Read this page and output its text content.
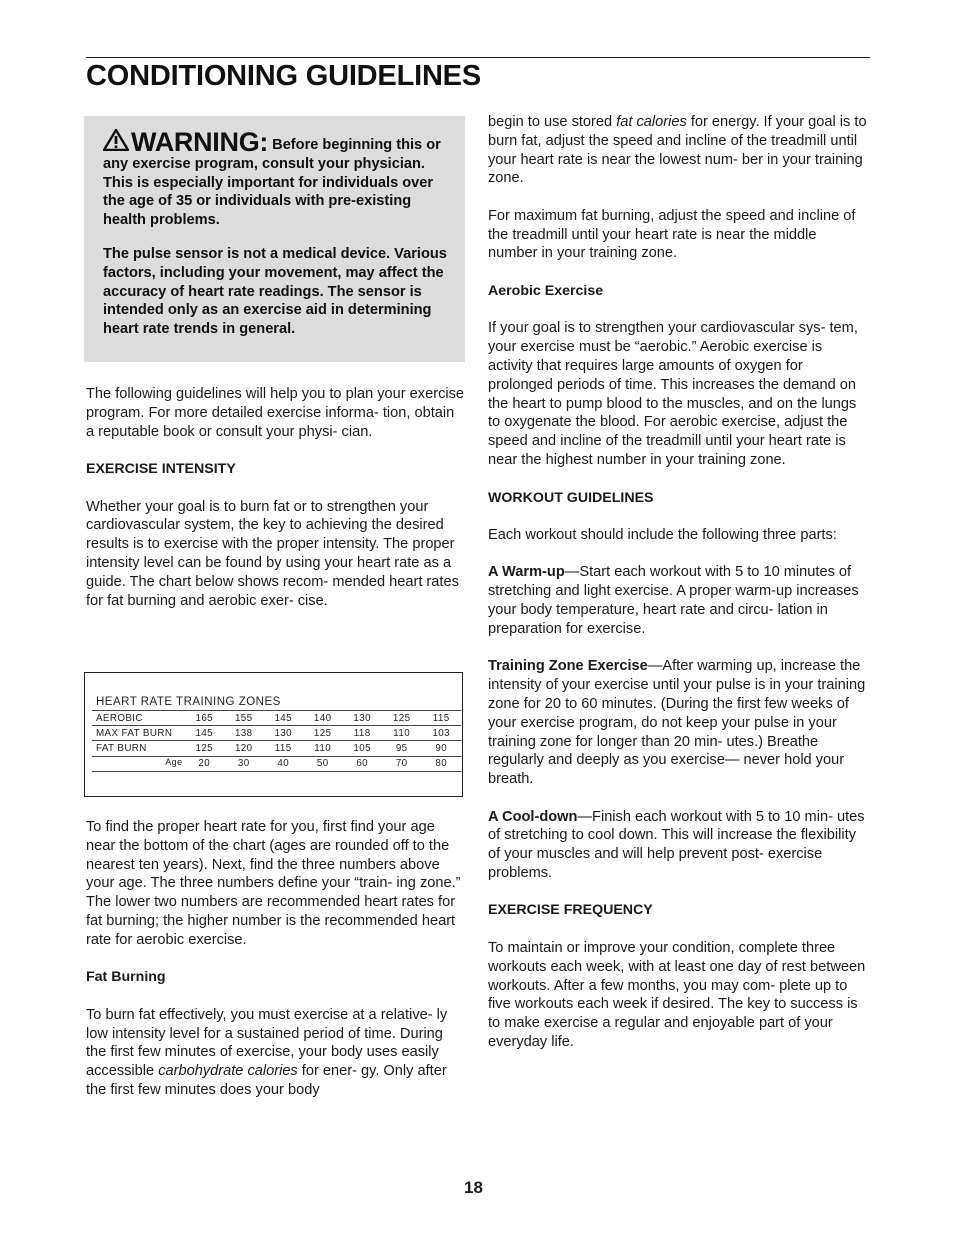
CONDITIONING GUIDELINES

WARNING: Before beginning this or any exercise program, consult your physician. This is especially important for individuals over the age of 35 or individuals with pre-existing health problems.

The pulse sensor is not a medical device. Various factors, including your movement, may affect the accuracy of heart rate readings. The sensor is intended only as an exercise aid in determining heart rate trends in general.

The following guidelines will help you to plan your exercise program. For more detailed exercise informa- tion, obtain a reputable book or consult your physi- cian.

EXERCISE INTENSITY

Whether your goal is to burn fat or to strengthen your cardiovascular system, the key to achieving the desired results is to exercise with the proper intensity. The proper intensity level can be found by using your heart rate as a guide. The chart below shows recom- mended heart rates for fat burning and aerobic exer- cise.

HEART RATE TRAINING ZONES
AEROBIC	165	155	145	140	130	125	115
MAX FAT BURN	145	138	130	125	118	110	103
FAT BURN	125	120	115	110	105	95	90
Age	20	30	40	50	60	70	80

To find the proper heart rate for you, first find your age near the bottom of the chart (ages are rounded off to the nearest ten years). Next, find the three numbers above your age. The three numbers define your “train- ing zone.” The lower two numbers are recommended heart rates for fat burning; the higher number is the recommended heart rate for aerobic exercise.

Fat Burning

To burn fat effectively, you must exercise at a relative- ly low intensity level for a sustained period of time. During the first few minutes of exercise, your body uses easily accessible carbohydrate calories for ener- gy. Only after the first few minutes does your body

begin to use stored fat calories for energy. If your goal is to burn fat, adjust the speed and incline of the treadmill until your heart rate is near the lowest num- ber in your training zone.

For maximum fat burning, adjust the speed and incline of the treadmill until your heart rate is near the middle number in your training zone.

Aerobic Exercise

If your goal is to strengthen your cardiovascular sys- tem, your exercise must be “aerobic.” Aerobic exercise is activity that requires large amounts of oxygen for prolonged periods of time. This increases the demand on the heart to pump blood to the muscles, and on the lungs to oxygenate the blood. For aerobic exercise, adjust the speed and incline of the treadmill until your heart rate is near the highest number in your training zone.

WORKOUT GUIDELINES

Each workout should include the following three parts:

A Warm-up—Start each workout with 5 to 10 minutes of stretching and light exercise. A proper warm-up increases your body temperature, heart rate and circu- lation in preparation for exercise.

Training Zone Exercise—After warming up, increase the intensity of your exercise until your pulse is in your training zone for 20 to 60 minutes. (During the first few weeks of your exercise program, do not keep your pulse in your training zone for longer than 20 min- utes.) Breathe regularly and deeply as you exercise— never hold your breath.

A Cool-down—Finish each workout with 5 to 10 min- utes of stretching to cool down. This will increase the flexibility of your muscles and will help prevent post- exercise problems.

EXERCISE FREQUENCY

To maintain or improve your condition, complete three workouts each week, with at least one day of rest between workouts. After a few months, you may com- plete up to five workouts each week if desired. The key to success is to make exercise a regular and enjoyable part of your everyday life.

18
